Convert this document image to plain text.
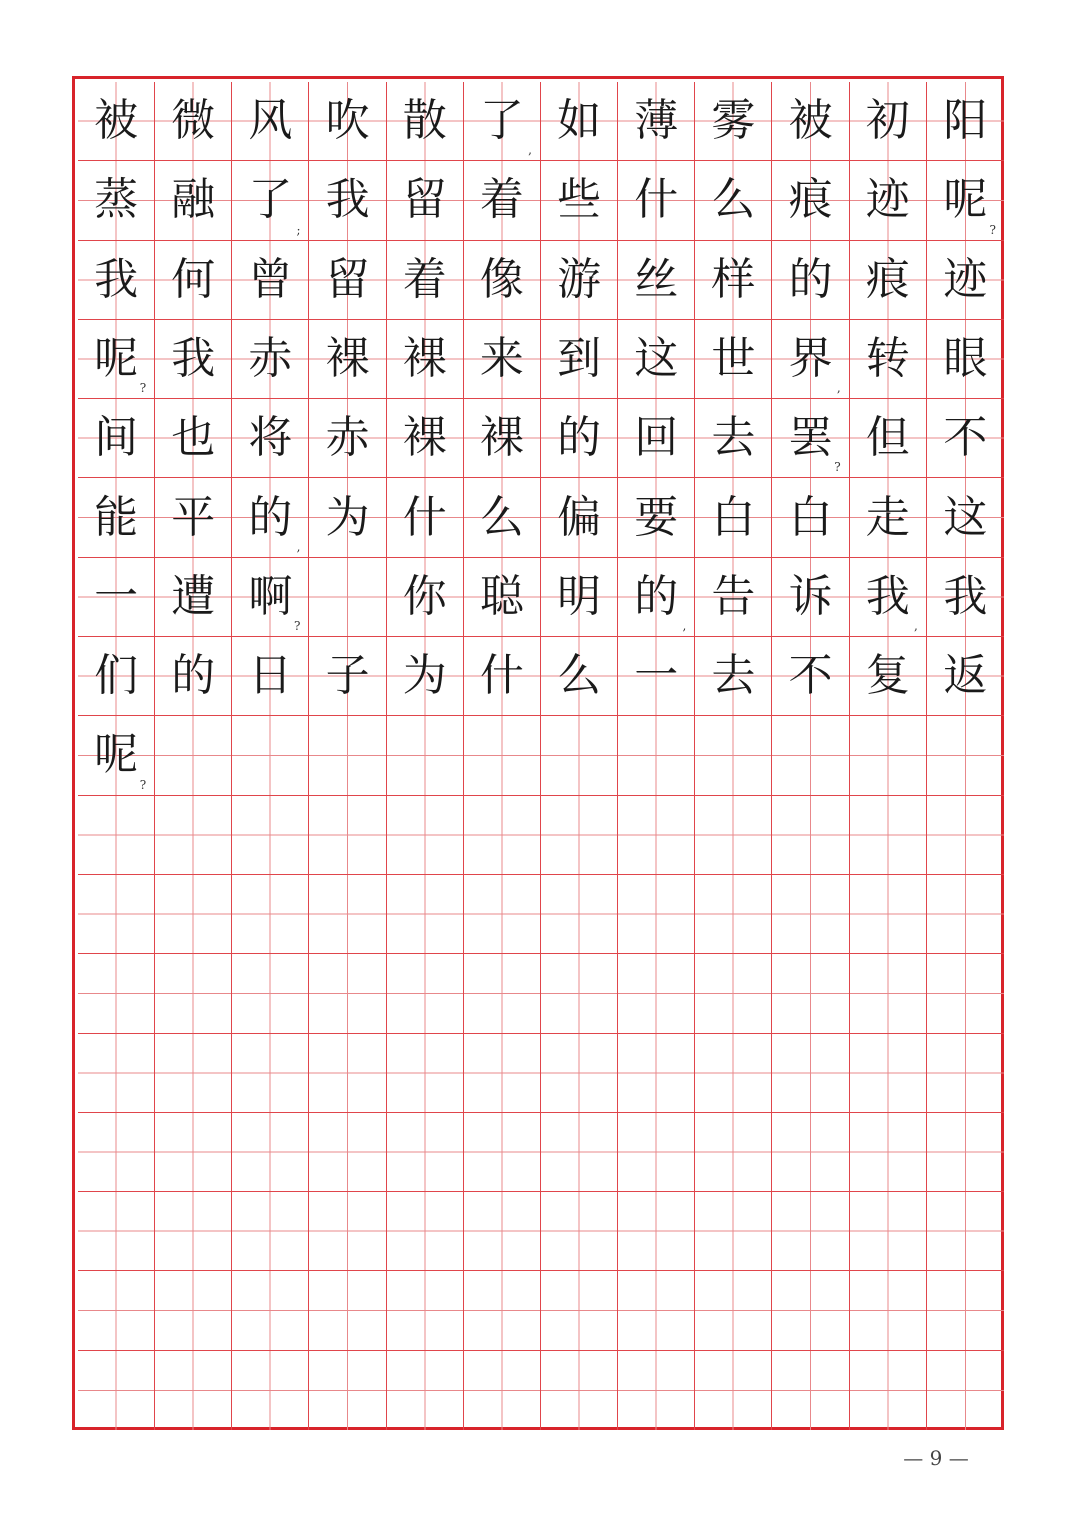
被 微 风 吹 散 了
,
如 薄 雾 被 初 阳
蒸 融 了
;
我 留 着 些 什 么 痕 迹 呢
?
我 何 曾 留 着 像 游 丝 样 的 痕 迹
呢
?
我 赤 裸 裸 来 到 这 世 界
,
转 眼
间 也 将 赤 裸 裸 的 回 去 罢
?
但 不
能 平 的
,
为 什 么 偏 要 白 白 走 这
一 遭 啊
?
你 聪 明 的
,
告 诉 我
,
我
们 的 日 子 为 什 么 一 去 不 复 返
呢
?
— 9 —
